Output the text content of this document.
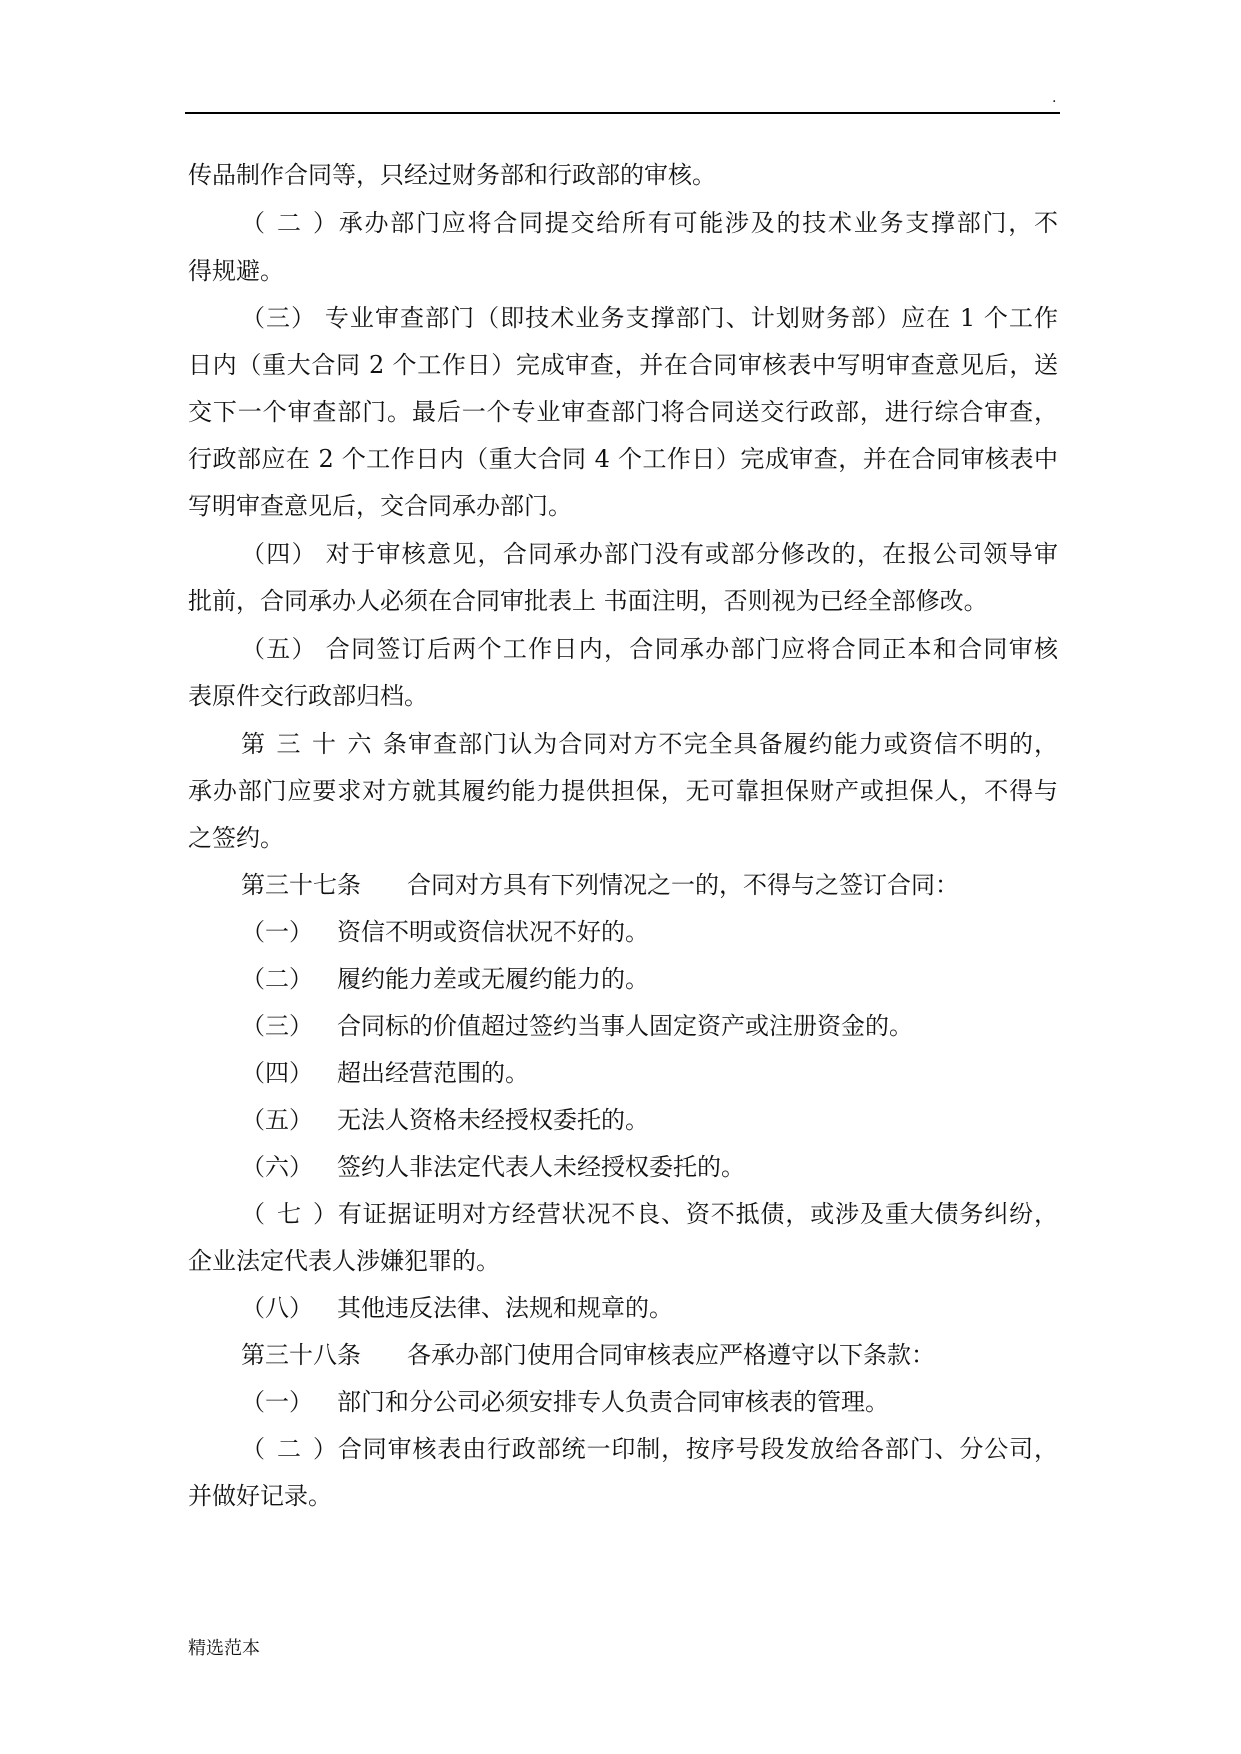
.
传品制作合同等，只经过财务部和行政部的审核。
（二）承办部门应将合同提交给所有可能涉及的技术业务支撑部门，不
得规避。
（三） 专业审查部门（即技术业务支撑部门、计划财务部）应在 1 个工作
日内（重大合同 2 个工作日）完成审查，并在合同审核表中写明审查意见后，送
交下一个审查部门。最后一个专业审查部门将合同送交行政部，进行综合审查，
行政部应在 2 个工作日内（重大合同 4 个工作日）完成审查，并在合同审核表中
写明审查意见后，交合同承办部门。
（四） 对于审核意见，合同承办部门没有或部分修改的，在报公司领导审
批前，合同承办人必须在合同审批表上 书面注明，否则视为已经全部修改。
（五） 合同签订后两个工作日内，合同承办部门应将合同正本和合同审核
表原件交行政部归档。
第三十六条审查部门认为合同对方不完全具备履约能力或资信不明的，
承办部门应要求对方就其履约能力提供担保，无可靠担保财产或担保人，不得与
之签约。
第三十七条 合同对方具有下列情况之一的，不得与之签订合同：
（一） 资信不明或资信状况不好的。
（二） 履约能力差或无履约能力的。
（三） 合同标的价值超过签约当事人固定资产或注册资金的。
（四） 超出经营范围的。
（五） 无法人资格未经授权委托的。
（六） 签约人非法定代表人未经授权委托的。
（七）有证据证明对方经营状况不良、资不抵债，或涉及重大债务纠纷，
企业法定代表人涉嫌犯罪的。
（八） 其他违反法律、法规和规章的。
第三十八条 各承办部门使用合同审核表应严格遵守以下条款：
（一） 部门和分公司必须安排专人负责合同审核表的管理。
（二）合同审核表由行政部统一印制，按序号段发放给各部门、分公司，
并做好记录。
精选范本
